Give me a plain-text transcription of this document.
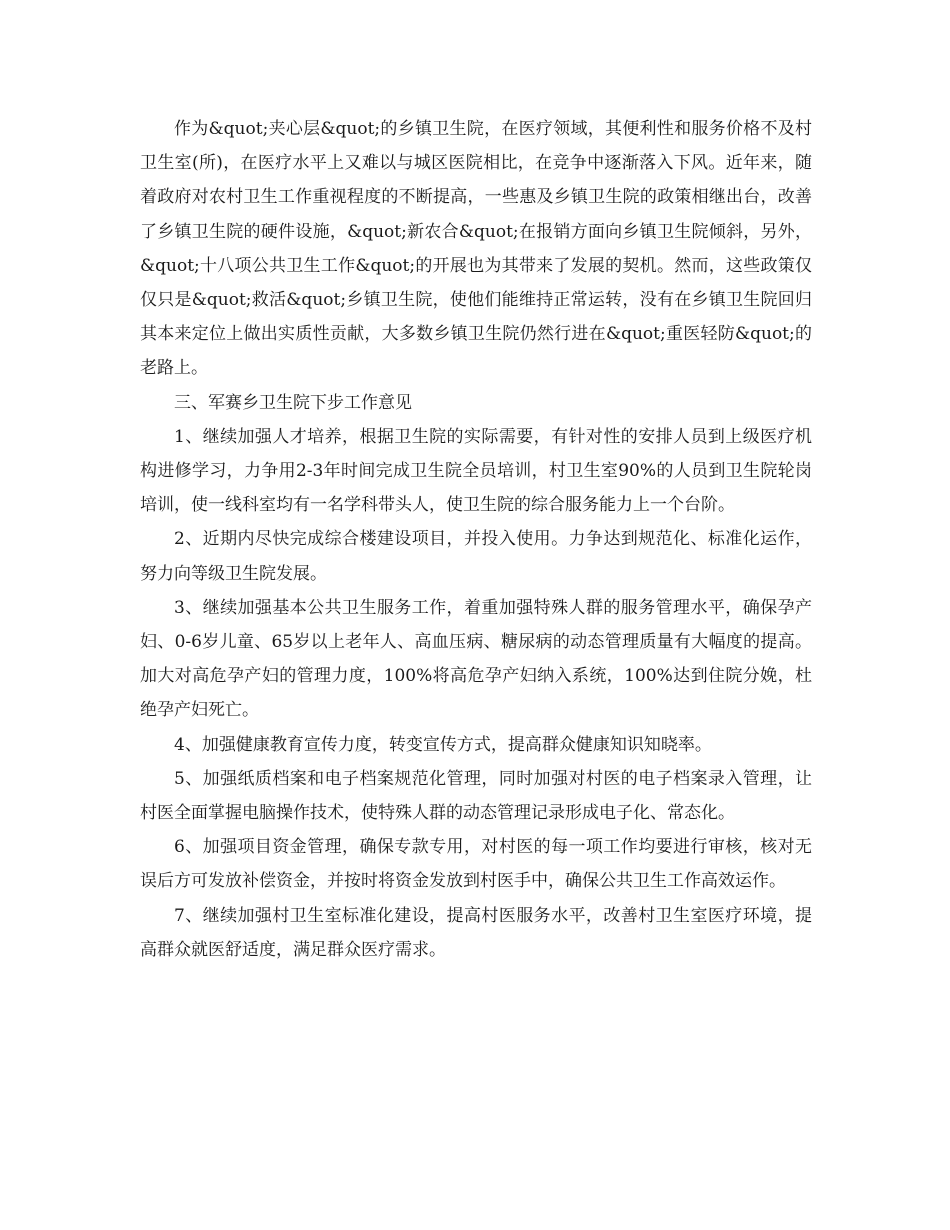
作为&quot;夹心层&quot;的乡镇卫生院，在医疗领域，其便利性和服务价格不及村卫生室(所)，在医疗水平上又难以与城区医院相比，在竞争中逐渐落入下风。近年来，随着政府对农村卫生工作重视程度的不断提高，一些惠及乡镇卫生院的政策相继出台，改善了乡镇卫生院的硬件设施，&quot;新农合&quot;在报销方面向乡镇卫生院倾斜，另外，&quot;十八项公共卫生工作&quot;的开展也为其带来了发展的契机。然而，这些政策仅仅只是&quot;救活&quot;乡镇卫生院，使他们能维持正常运转，没有在乡镇卫生院回归其本来定位上做出实质性贡献，大多数乡镇卫生院仍然行进在&quot;重医轻防&quot;的老路上。

三、军赛乡卫生院下步工作意见

1、继续加强人才培养，根据卫生院的实际需要，有针对性的安排人员到上级医疗机构进修学习，力争用2-3年时间完成卫生院全员培训，村卫生室90%的人员到卫生院轮岗培训，使一线科室均有一名学科带头人，使卫生院的综合服务能力上一个台阶。

2、近期内尽快完成综合楼建设项目，并投入使用。力争达到规范化、标准化运作，努力向等级卫生院发展。

3、继续加强基本公共卫生服务工作，着重加强特殊人群的服务管理水平，确保孕产妇、0-6岁儿童、65岁以上老年人、高血压病、糖尿病的动态管理质量有大幅度的提高。加大对高危孕产妇的管理力度，100%将高危孕产妇纳入系统，100%达到住院分娩，杜绝孕产妇死亡。

4、加强健康教育宣传力度，转变宣传方式，提高群众健康知识知晓率。

5、加强纸质档案和电子档案规范化管理，同时加强对村医的电子档案录入管理，让村医全面掌握电脑操作技术，使特殊人群的动态管理记录形成电子化、常态化。

6、加强项目资金管理，确保专款专用，对村医的每一项工作均要进行审核，核对无误后方可发放补偿资金，并按时将资金发放到村医手中，确保公共卫生工作高效运作。

7、继续加强村卫生室标准化建设，提高村医服务水平，改善村卫生室医疗环境，提高群众就医舒适度，满足群众医疗需求。
